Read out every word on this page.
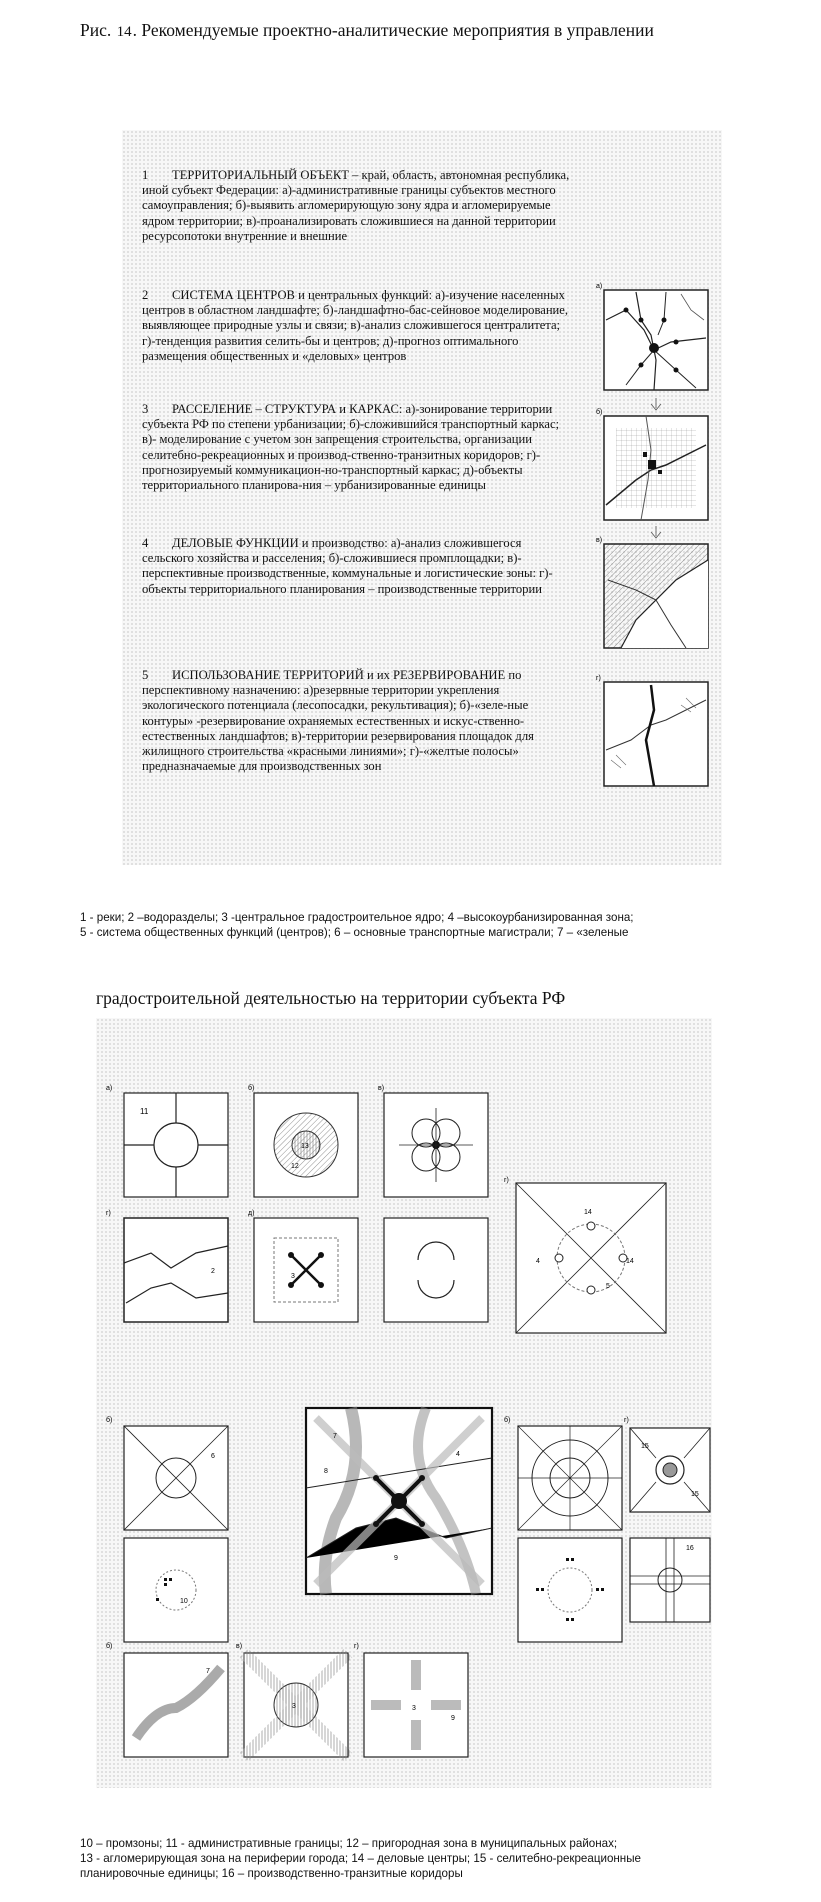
Рис. 14. Рекомендуемые проектно-аналитические мероприятия в управлении
1 ТЕРРИТОРИАЛЬНЫЙ ОБЪЕКТ – край, область, автономная республика, иной субъект Федерации: а)-административные границы субъектов местного самоуправления; б)-выявить агломерирующую зону ядра и агломерируемые ядром территории; в)-проанализировать сложившиеся на данной территории ресурсопотоки внутренние и внешние
2 СИСТЕМА ЦЕНТРОВ и центральных функций: а)-изучение населенных центров в областном ландшафте; б)-ландшафтно-бас-сейновое моделирование, выявляющее природные узлы и связи; в)-анализ сложившегося централитета; г)-тенденция развития селить-бы и центров; д)-прогноз оптимального размещения общественных и «деловых» центров
3 РАССЕЛЕНИЕ – СТРУКТУРА и КАРКАС: а)-зонирование территории субъекта РФ по степени урбанизации; б)-сложившийся транспортный каркас; в)- моделирование с учетом зон запрещения строительства, организации селитебно-рекреационных и производ-ственно-транзитных коридоров; г)-прогнозируемый коммуникацион-но-транспортный каркас; д)-объекты территориального планирова-ния – урбанизированные единицы
4 ДЕЛОВЫЕ ФУНКЦИИ и производство: а)-анализ сложившегося сельского хозяйства и расселения; б)-сложившиеся промплощадки; в)-перспективные производственные, коммунальные и логистические зоны: г)-объекты территориального планирования – производственные территории
5 ИСПОЛЬЗОВАНИЕ ТЕРРИТОРИЙ и их РЕЗЕРВИРОВАНИЕ по перспективному назначению: а)резервные территории укрепления экологического потенциала (лесопосадки, рекультивация); б)-«зеле-ные контуры» -резервирование охраняемых естественных и искус-ственно-естественных ландшафтов; в)-территории резервирования площадок для жилищного строительства «красными линиями»; г)-«желтые полосы» предназначаемые для производственных зон
а)
б)
в)
г)
1 - реки; 2 –водоразделы; 3 -центральное градостроительное ядро; 4 –высокоурбанизированная зона;
5 - система общественных функций (центров); 6 – основные транспортные магистрали; 7 – «зеленые
градостроительной деятельностью на территории субъекта РФ
а)
11
б)
12
13
в)
г)
2
д)
3
г)
14
14
4
5
7
8
4
9
б)
6
б)	г)
15
15
10
16
б)
7
в)
3
г)
3
9
10 – промзоны; 11 - административные границы; 12 – пригородная зона в муниципальных районах;
13 - агломерирующая зона на периферии города; 14 – деловые центры; 15 - селитебно-рекреационные
планировочные единицы; 16 – производственно-транзитные коридоры
